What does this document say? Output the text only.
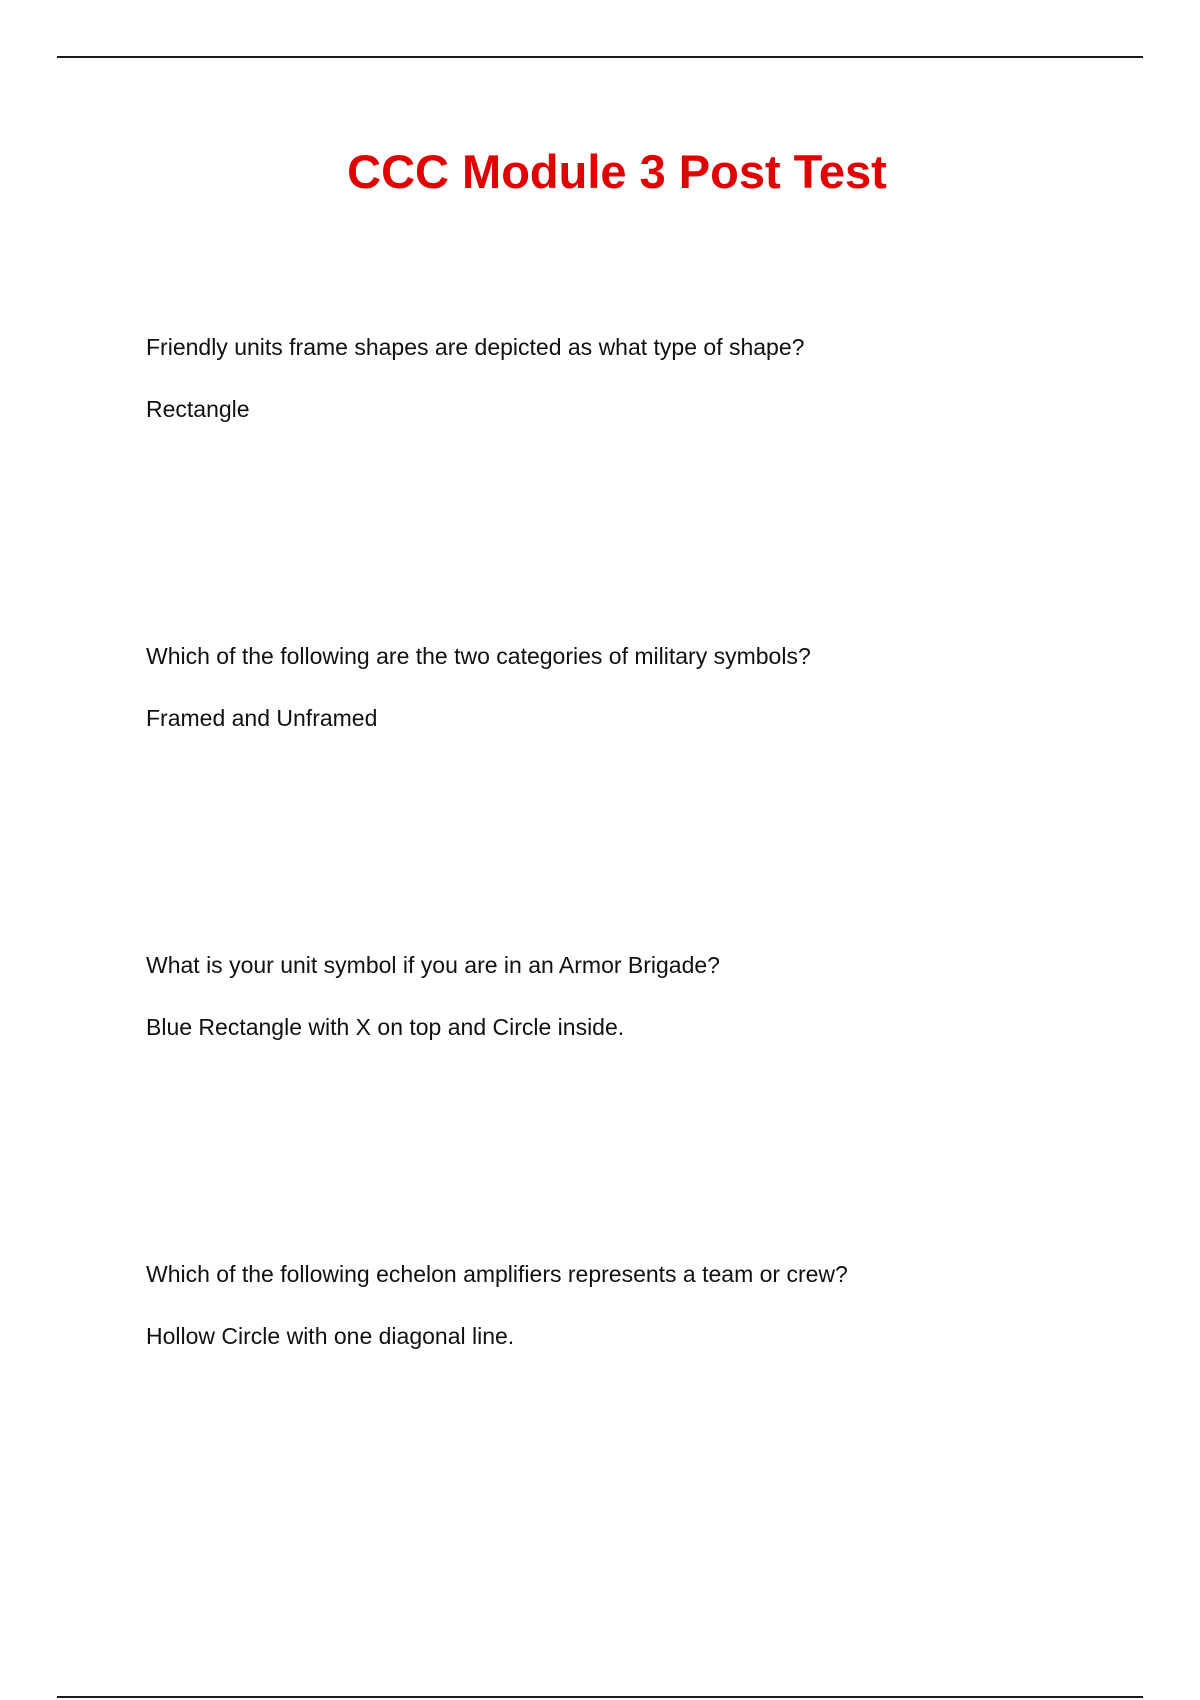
CCC Module 3 Post Test

Friendly units frame shapes are depicted as what type of shape?

Rectangle

Which of the following are the two categories of military symbols?

Framed and Unframed

What is your unit symbol if you are in an Armor Brigade?

Blue Rectangle with X on top and Circle inside.

Which of the following echelon amplifiers represents a team or crew?

Hollow Circle with one diagonal line.
